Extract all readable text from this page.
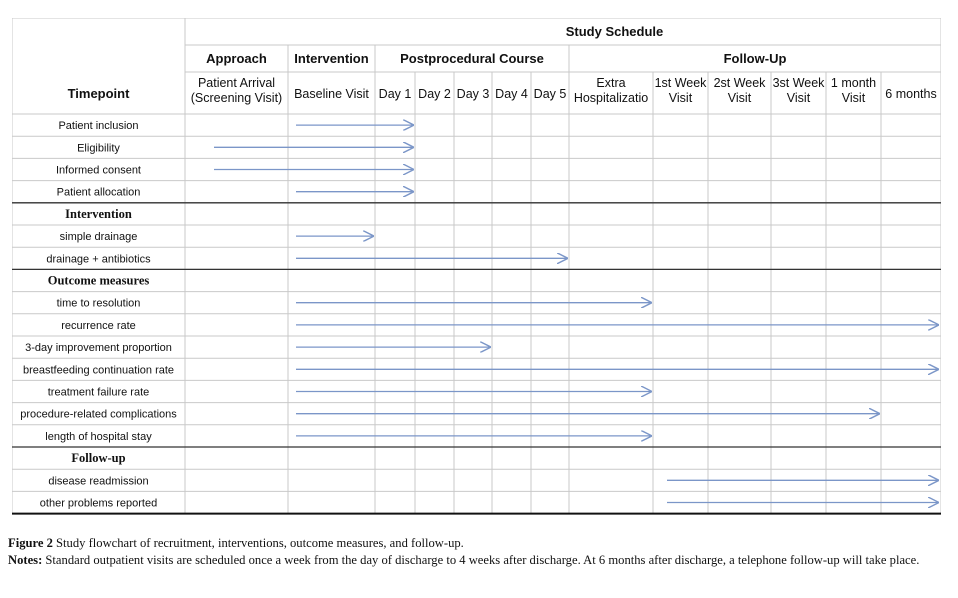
Study Schedule
Approach Intervention Postprocedural Course	Follow-Up
Timepoint
Patient Arrival
(Screening Visit) Baseline Visit Day 1 Day 2 Day 3 Day 4 Day 5
Extra
Hospitalizatio
1st Week
Visit
2st Week
Visit
3st Week
Visit
1 month
Visit 6 months
Patient inclusion
Eligibility
Informed consent
Patient allocation
Intervention
simple drainage
drainage + antibiotics
Outcome measures
time to resolution
recurrence rate
3-day improvement proportion
breastfeeding continuation rate
treatment failure rate
procedure-related complications
length of hospital stay
Follow-up
disease readmission
other problems reported

Figure 2 Study flowchart of recruitment, interventions, outcome measures, and follow-up.

Notes: Standard outpatient visits are scheduled once a week from the day of discharge to 4 weeks after discharge. At 6 months after discharge, a telephone follow-up will take place.
